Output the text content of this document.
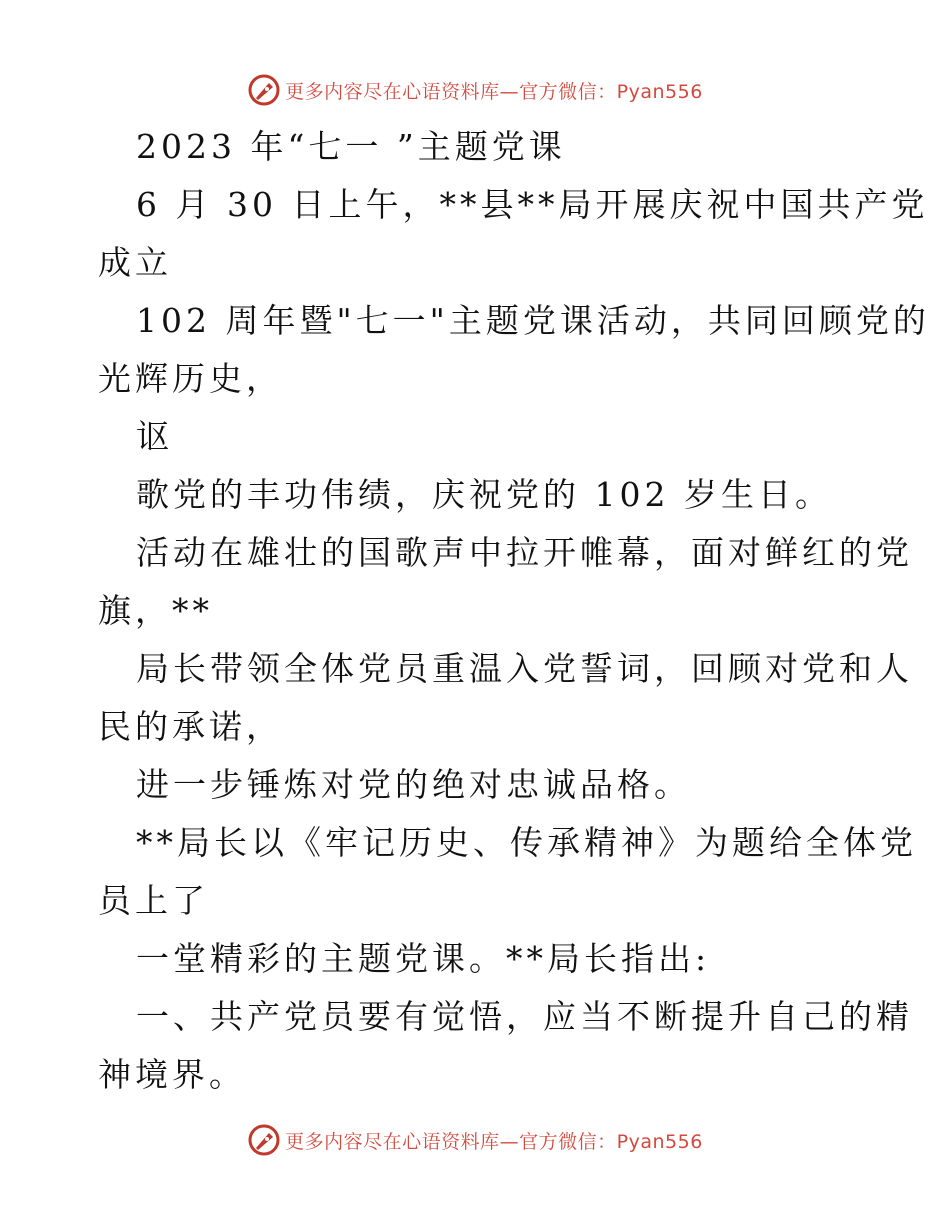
更多内容尽在心语资料库—官方微信：Pyan556

2023 年“七一 ”主题党课

6 月 30 日上午，**县**局开展庆祝中国共产党

成立

102 周年暨"七一"主题党课活动，共同回顾党的

光辉历史，

讴

歌党的丰功伟绩，庆祝党的 102 岁生日。

活动在雄壮的国歌声中拉开帷幕，面对鲜红的党

旗，**

局长带领全体党员重温入党誓词，回顾对党和人

民的承诺，

进一步锤炼对党的绝对忠诚品格。

**局长以《牢记历史、传承精神》为题给全体党

员上了

一堂精彩的主题党课。**局长指出:

一、共产党员要有觉悟，应当不断提升自己的精

神境界。

更多内容尽在心语资料库—官方微信：Pyan556
